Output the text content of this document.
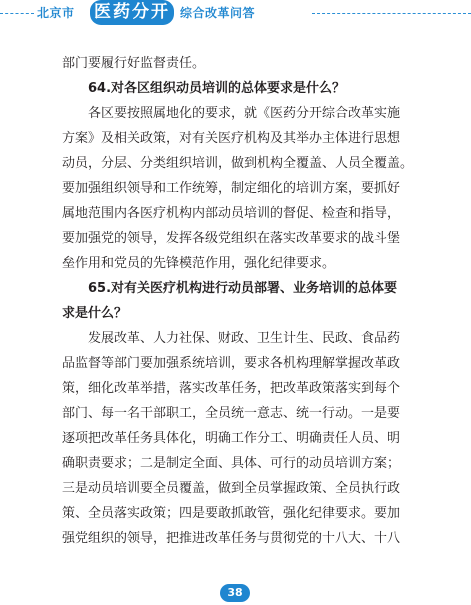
北京市 医药分开 综合改革问答
部门要履行好监督责任。
64.对各区组织动员培训的总体要求是什么？
各区要按照属地化的要求，就《医药分开综合改革实施
方案》及相关政策，对有关医疗机构及其举办主体进行思想
动员，分层、分类组织培训，做到机构全覆盖、人员全覆盖。
要加强组织领导和工作统筹，制定细化的培训方案，要抓好
属地范围内各医疗机构内部动员培训的督促、检查和指导，
要加强党的领导，发挥各级党组织在落实改革要求的战斗堡
垒作用和党员的先锋模范作用，强化纪律要求。
65.对有关医疗机构进行动员部署、业务培训的总体要
求是什么？
发展改革、人力社保、财政、卫生计生、民政、食品药
品监督等部门要加强系统培训，要求各机构理解掌握改革政
策，细化改革举措，落实改革任务，把改革政策落实到每个
部门、每一名干部职工，全员统一意志、统一行动。一是要
逐项把改革任务具体化，明确工作分工、明确责任人员、明
确职责要求；二是制定全面、具体、可行的动员培训方案；
三是动员培训要全员覆盖，做到全员掌握政策、全员执行政
策、全员落实政策；四是要敢抓敢管，强化纪律要求。要加
强党组织的领导，把推进改革任务与贯彻党的十八大、十八
38
